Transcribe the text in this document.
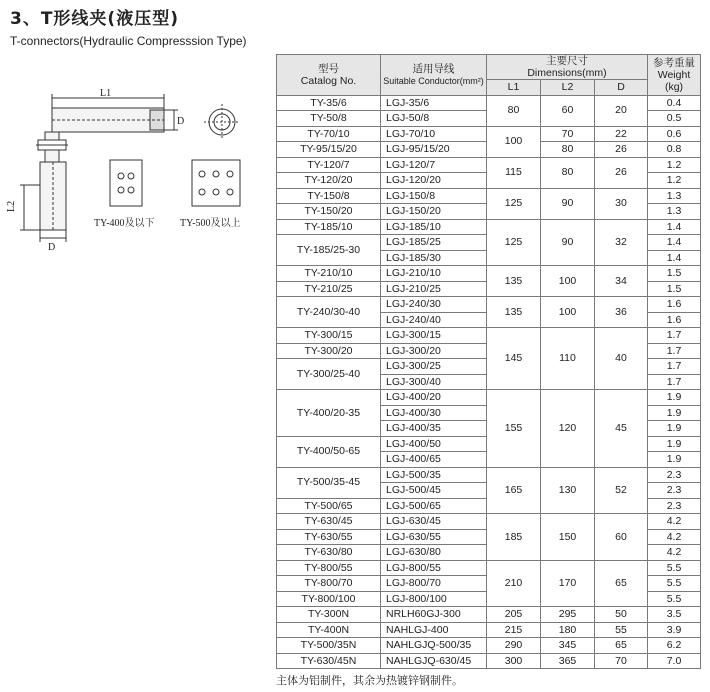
3、T形线夹(液压型)
T-connectors(Hydraulic Compresssion Type)
L1
D
L2
D
TY-400及以下	TY-500及以上
型号
Catalog No.	适用导线
Suitable Conductor(mm²)	主要尺寸
Dimensions(mm)			参考重量
Weight
(kg)
		L1	L2	D	
TY-35/6	LGJ-35/6	80	60	20	0.4
TY-50/8	LGJ-50/8				0.5
TY-70/10	LGJ-70/10	100	70	22	0.6
TY-95/15/20	LGJ-95/15/20		80	26	0.8
TY-120/7	LGJ-120/7	115	80	26	1.2
TY-120/20	LGJ-120/20				1.2
TY-150/8	LGJ-150/8	125	90	30	1.3
TY-150/20	LGJ-150/20				1.3
TY-185/10	LGJ-185/10	125	90	32	1.4
TY-185/25-30	LGJ-185/25				1.4
	LGJ-185/30				1.4
TY-210/10	LGJ-210/10	135	100	34	1.5
TY-210/25	LGJ-210/25				1.5
TY-240/30-40	LGJ-240/30	135	100	36	1.6
	LGJ-240/40				1.6
TY-300/15	LGJ-300/15	145	110	40	1.7
TY-300/20	LGJ-300/20				1.7
TY-300/25-40	LGJ-300/25				1.7
	LGJ-300/40				1.7
TY-400/20-35	LGJ-400/20	155	120	45	1.9
	LGJ-400/30				1.9
	LGJ-400/35				1.9
TY-400/50-65	LGJ-400/50				1.9
	LGJ-400/65				1.9
TY-500/35-45	LGJ-500/35	165	130	52	2.3
	LGJ-500/45				2.3
TY-500/65	LGJ-500/65				2.3
TY-630/45	LGJ-630/45	185	150	60	4.2
TY-630/55	LGJ-630/55				4.2
TY-630/80	LGJ-630/80				4.2
TY-800/55	LGJ-800/55	210	170	65	5.5
TY-800/70	LGJ-800/70				5.5
TY-800/100	LGJ-800/100				5.5
TY-300N	NRLH60GJ-300	205	295	50	3.5
TY-400N	NAHLGJ-400	215	180	55	3.9
TY-500/35N	NAHLGJQ-500/35	290	345	65	6.2
TY-630/45N	NAHLGJQ-630/45	300	365	70	7.0
主体为铝制件，其余为热镀锌钢制件。
